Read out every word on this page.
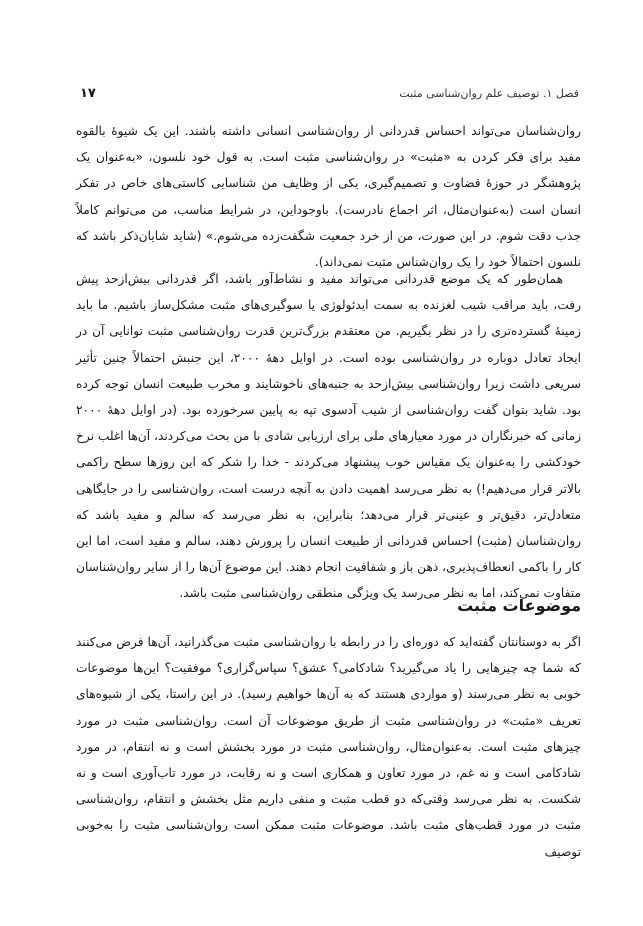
فصل ۱. توصیف علم روان‌شناسی مثبت
۱۷

روان‌شناسان می‌تواند احساس قدردانی از روان‌شناسی انسانی داشته باشند. این یک شیوهٔ بالقوه مفید برای فکر کردن به «مثبت» در روان‌شناسی مثبت است. به قول خود نلسون، «به‌عنوان یک پژوهشگر در حوزهٔ قضاوت و تصمیم‌گیری، یکی از وظایف من شناسایی کاستی‌های خاص در تفکر انسان است (به‌عنوان‌مثال، اثر اجماع نادرست). باوجوداین، در شرایط مناسب، من می‌توانم کاملاً جذب دقت شوم. در این صورت، من از خرد جمعیت شگفت‌زده می‌شوم.» (شاید شایان‌ذکر باشد که نلسون احتمالاً خود را یک روان‌شناس مثبت نمی‌داند).

همان‌طور که یک موضع قدردانی می‌تواند مفید و نشاط‌آور باشد، اگر قدردانی بیش‌ازحد پیش رفت، باید مراقب شیب لغزنده به سمت ایدئولوژی یا سوگیری‌های مثبت مشکل‌ساز باشیم. ما باید زمینهٔ گسترده‌تری را در نظر بگیریم. من معتقدم بزرگ‌ترین قدرت روان‌شناسی مثبت توانایی آن در ایجاد تعادل دوباره در روان‌شناسی بوده است. در اوایل دههٔ ۲۰۰۰، این جنبش احتمالاً چنین تأثیر سریعی داشت زیرا روان‌شناسی بیش‌ازحد به جنبه‌های ناخوشایند و مخرب طبیعت انسان توجه کرده بود. شاید بتوان گفت روان‌شناسی از شیب آدسوی تپه به پایین سرخورده بود. (در اوایل دههٔ ۲۰۰۰ زمانی که خبرنگاران در مورد معیارهای ملی برای ارزیابی شادی با من بحث می‌کردند، آن‌ها اغلب نرخ خودکشی را به‌عنوان یک مقیاس خوب پیشنهاد می‌کردند - خدا را شکر که این روزها سطح راکمی بالاتر قرار می‌دهیم!) به نظر می‌رسد اهمیت دادن به آنچه درست است، روان‌شناسی را در جایگاهی متعادل‌تر، دقیق‌تر و عینی‌تر قرار می‌دهد؛ بنابراین، به نظر می‌رسد که سالم و مفید باشد که روان‌شناسان (مثبت) احساس قدردانی از طبیعت انسان را پرورش دهند، سالم و مفید است، اما این کار را باکمی انعطاف‌پذیری، ذهن باز و شفافیت انجام دهند. این موضوع آن‌ها را از سایر روان‌شناسان متفاوت نمی‌کند، اما به نظر می‌رسد یک ویژگی منطقی روان‌شناسی مثبت باشد.

موضوعات مثبت

اگر به دوستانتان گفته‌اید که دوره‌ای را در رابطه با روان‌شناسی مثبت می‌گذرانید، آن‌ها فرض می‌کنند که شما چه چیزهایی را یاد می‌گیرید؟ شادکامی؟ عشق؟ سپاس‌گزاری؟ موفقیت؟ این‌ها موضوعات خوبی به نظر می‌رسند (و مواردی هستند که به آن‌ها خواهیم رسید). در این راستا، یکی از شیوه‌های تعریف «مثبت» در روان‌شناسی مثبت از طریق موضوعات آن است. روان‌شناسی مثبت در مورد چیزهای مثبت است. به‌عنوان‌مثال، روان‌شناسی مثبت در مورد بخشش است و نه انتقام، در مورد شادکامی است و نه غم، در مورد تعاون و همکاری است و نه رقابت، در مورد تاب‌آوری است و نه شکست. به نظر می‌رسد وقتی‌که دو قطب مثبت و منفی داریم مثل بخشش و انتقام، روان‌شناسی مثبت در مورد قطب‌های مثبت باشد. موضوعات مثبت ممکن است روان‌شناسی مثبت را به‌خوبی توصیف
